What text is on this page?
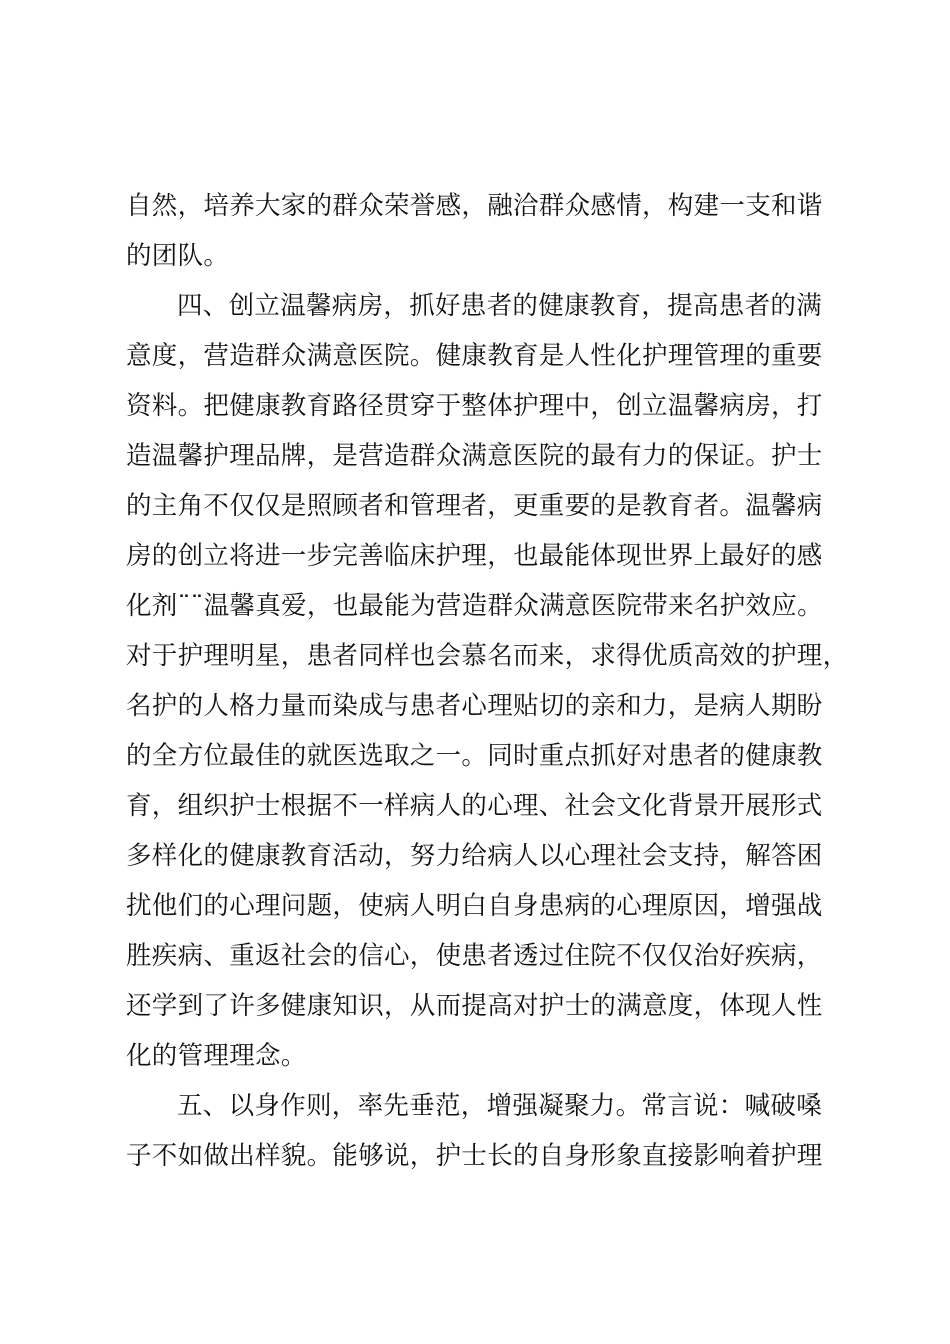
自然，培养大家的群众荣誉感，融洽群众感情，构建一支和谐
的团队。
四、创立温馨病房，抓好患者的健康教育，提高患者的满
意度，营造群众满意医院。健康教育是人性化护理管理的重要
资料。把健康教育路径贯穿于整体护理中，创立温馨病房，打
造温馨护理品牌，是营造群众满意医院的最有力的保证。护士
的主角不仅仅是照顾者和管理者，更重要的是教育者。温馨病
房的创立将进一步完善临床护理，也最能体现世界上最好的感
化剂¨¨温馨真爱，也最能为营造群众满意医院带来名护效应。
对于护理明星，患者同样也会慕名而来，求得优质高效的护理，
名护的人格力量而染成与患者心理贴切的亲和力，是病人期盼
的全方位最佳的就医选取之一。同时重点抓好对患者的健康教
育，组织护士根据不一样病人的心理、社会文化背景开展形式
多样化的健康教育活动，努力给病人以心理社会支持，解答困
扰他们的心理问题，使病人明白自身患病的心理原因，增强战
胜疾病、重返社会的信心，使患者透过住院不仅仅治好疾病，
还学到了许多健康知识，从而提高对护士的满意度，体现人性
化的管理理念。
五、以身作则，率先垂范，增强凝聚力。常言说：喊破嗓
子不如做出样貌。能够说，护士长的自身形象直接影响着护理
